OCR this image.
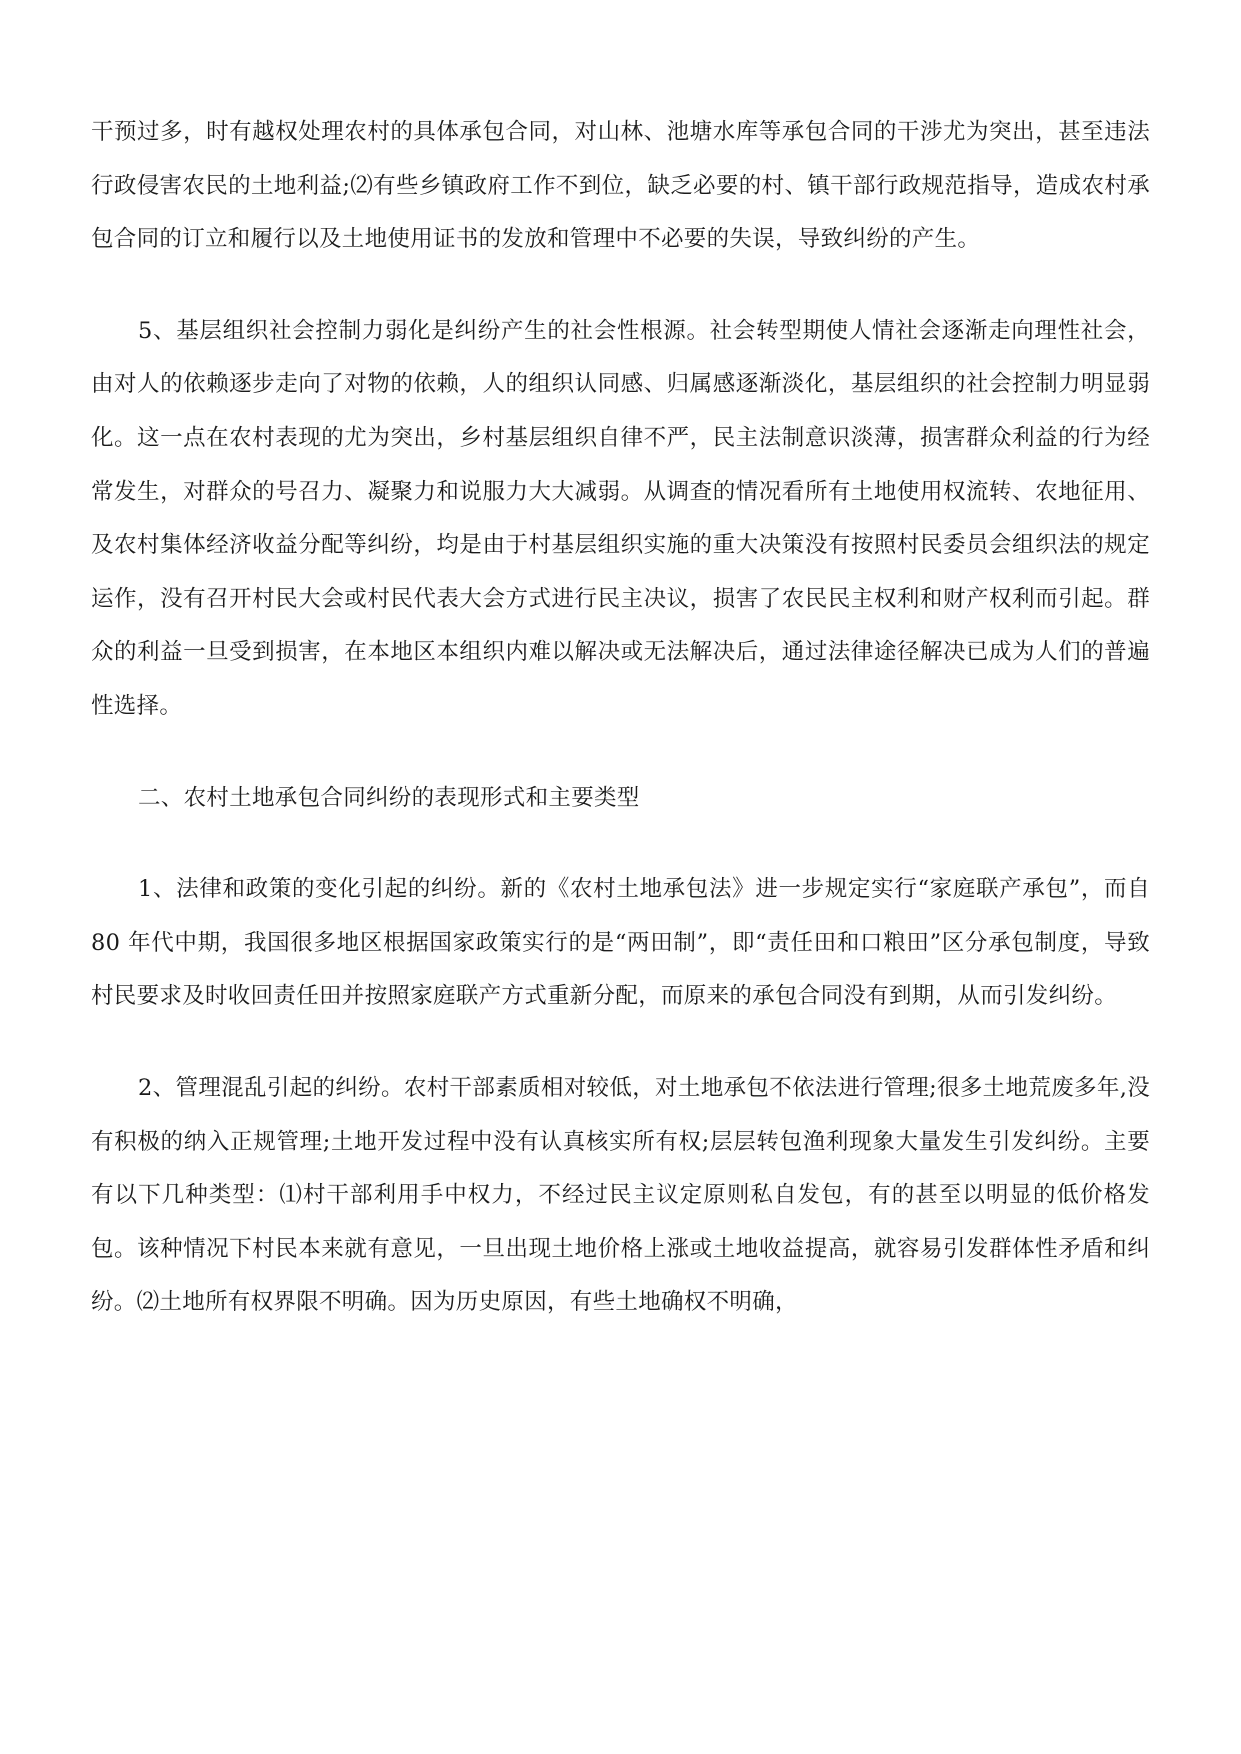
干预过多，时有越权处理农村的具体承包合同，对山林、池塘水库等承包合同的干涉尤为突出，甚至违法行政侵害农民的土地利益;⑵有些乡镇政府工作不到位，缺乏必要的村、镇干部行政规范指导，造成农村承包合同的订立和履行以及土地使用证书的发放和管理中不必要的失误，导致纠纷的产生。

5、基层组织社会控制力弱化是纠纷产生的社会性根源。社会转型期使人情社会逐渐走向理性社会，由对人的依赖逐步走向了对物的依赖，人的组织认同感、归属感逐渐淡化，基层组织的社会控制力明显弱化。这一点在农村表现的尤为突出，乡村基层组织自律不严，民主法制意识淡薄，损害群众利益的行为经常发生，对群众的号召力、凝聚力和说服力大大减弱。从调查的情况看所有土地使用权流转、农地征用、及农村集体经济收益分配等纠纷，均是由于村基层组织实施的重大决策没有按照村民委员会组织法的规定运作，没有召开村民大会或村民代表大会方式进行民主决议，损害了农民民主权利和财产权利而引起。群众的利益一旦受到损害，在本地区本组织内难以解决或无法解决后，通过法律途径解决已成为人们的普遍性选择。

二、农村土地承包合同纠纷的表现形式和主要类型

1、法律和政策的变化引起的纠纷。新的《农村土地承包法》进一步规定实行“家庭联产承包”，而自 80 年代中期，我国很多地区根据国家政策实行的是“两田制”，即“责任田和口粮田”区分承包制度，导致村民要求及时收回责任田并按照家庭联产方式重新分配，而原来的承包合同没有到期，从而引发纠纷。

2、管理混乱引起的纠纷。农村干部素质相对较低，对土地承包不依法进行管理;很多土地荒废多年,没有积极的纳入正规管理;土地开发过程中没有认真核实所有权;层层转包渔利现象大量发生引发纠纷。主要有以下几种类型：⑴村干部利用手中权力，不经过民主议定原则私自发包，有的甚至以明显的低价格发包。该种情况下村民本来就有意见，一旦出现土地价格上涨或土地收益提高，就容易引发群体性矛盾和纠纷。⑵土地所有权界限不明确。因为历史原因，有些土地确权不明确，
